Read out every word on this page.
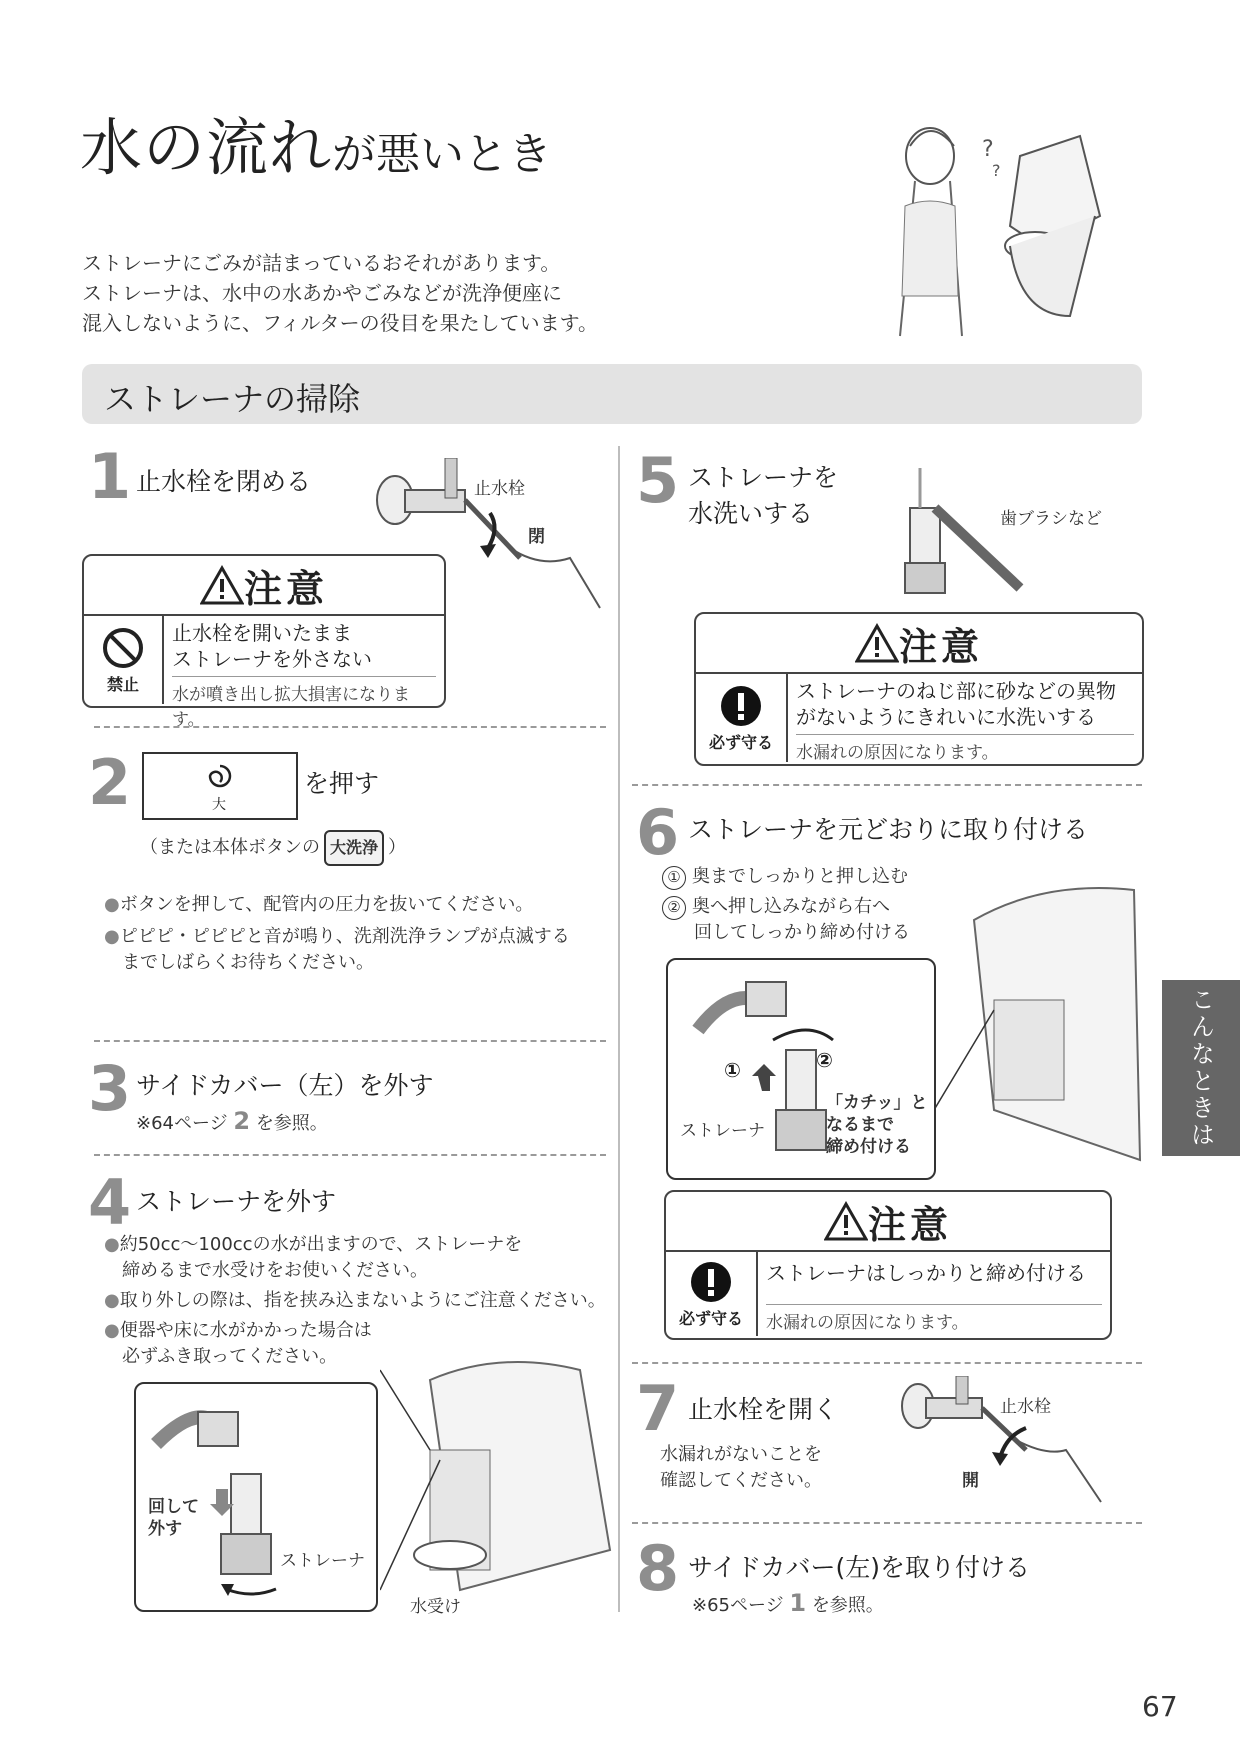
水の流れが悪いとき	?
?

ストレーナにごみが詰まっているおそれがあります。

ストレーナは、水中の水あかやごみなどが洗浄便座に

混入しないように、フィルターの役目を果たしています。

ストレーナの掃除
1 止水栓を閉める	止水栓
閉
注意
禁止
止水栓を開いたまま
ストレーナを外さない
水が噴き出し拡大損害になります。
2	大
を押す
（または本体ボタンの 大洗浄 ）
●ボタンを押して、配管内の圧力を抜いてください。
●ピピピ・ピピピと音が鳴り、洗剤洗浄ランプが点滅する
までしばらくお待ちください。
3 サイドカバー（左）を外す
※64ページ 2 を参照。
4 ストレーナを外す
●約50cc〜100ccの水が出ますので、ストレーナを
締めるまで水受けをお使いください。
●取り外しの際は、指を挟み込まないようにご注意ください。
●便器や床に水がかかった場合は
必ずふき取ってください。
回して
外す
ストレーナ
水受け
5 ストレーナを
水洗いする	歯ブラシなど
注意
必ず守る
ストレーナのねじ部に砂などの異物
がないようにきれいに水洗いする
水漏れの原因になります。
6 ストレーナを元どおりに取り付ける
① 奥までしっかりと押し込む
② 奥へ押し込みながら右へ
回してしっかり締め付ける
①	②
「カチッ」と
なるまで
締め付ける
ストレーナ
注意
必ず守る
ストレーナはしっかりと締め付ける
水漏れの原因になります。
7 止水栓を開く
水漏れがないことを
確認してください。
止水栓
開
8 サイドカバー(左)を取り付ける
※65ページ 1 を参照。
こんなときは
67
